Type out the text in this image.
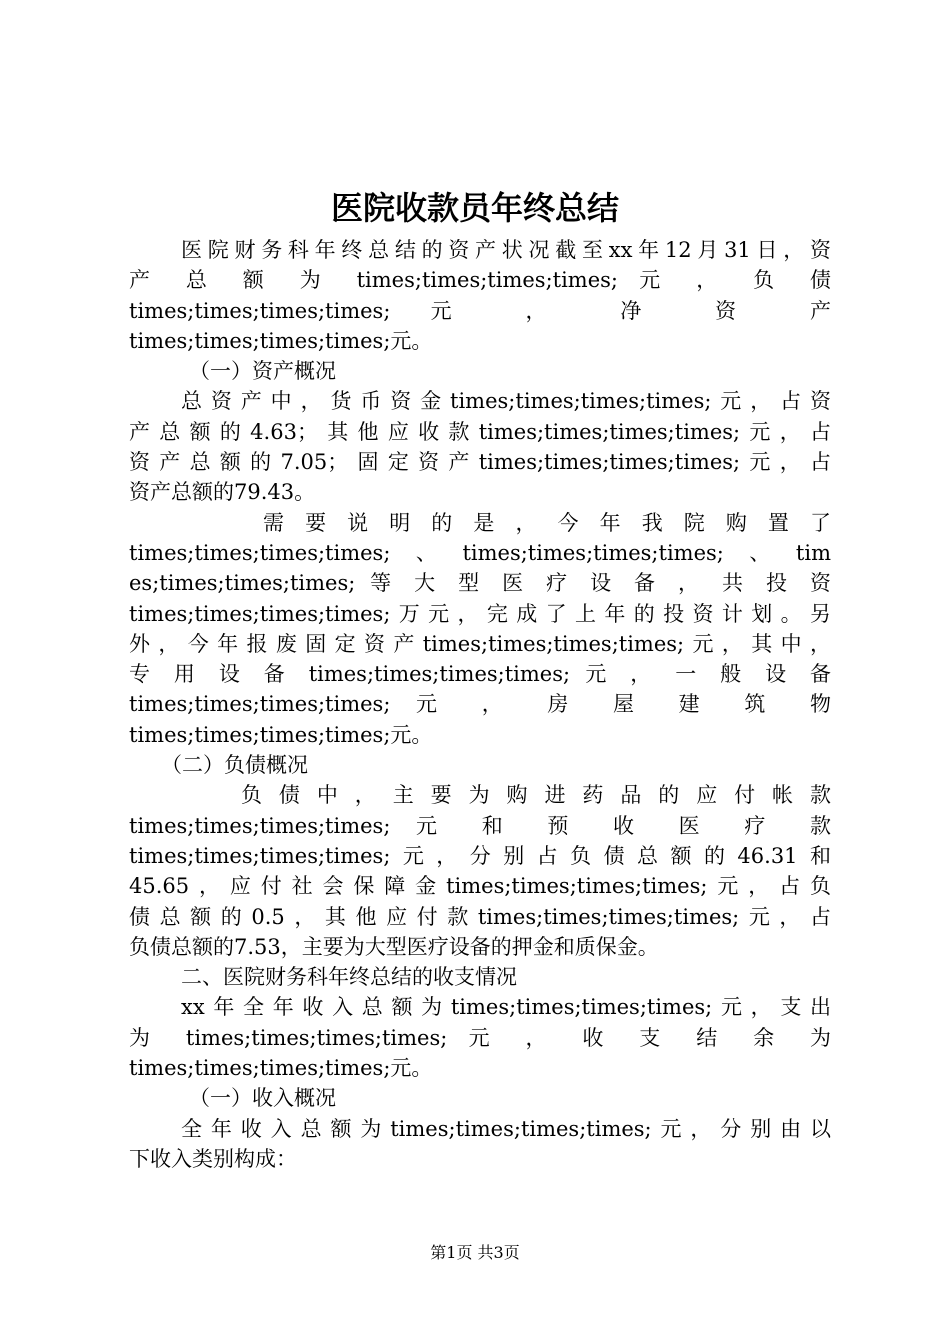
医院收款员年终总结
医院财务科年终总结的资产状况截至xx年12月31日，资
产 总 额 为 times;times;times;times; 元 ， 负 债
times;times;times;times; 元 ， 净 资 产
times;times;times;times;元。
（一）资产概况
总资产中，货币资金times;times;times;times;元，占资
产总额的4.63；其他应收款times;times;times;times;元，占
资产总额的7.05；固定资产times;times;times;times;元，占
资产总额的79.43。
需 要 说 明 的 是 ， 今 年 我 院 购 置 了
times;times;times;times;、times;times;times;times;、tim
es;times;times;times; 等 大 型 医 疗 设 备 ， 共 投 资
times;times;times;times;万元，完成了上年的投资计划。另
外，今年报废固定资产times;times;times;times;元，其中，
专 用 设 备 times;times;times;times; 元 ， 一 般 设 备
times;times;times;times; 元 ， 房 屋 建 筑 物
times;times;times;times;元。
（二）负债概况
负 债 中 ， 主 要 为 购 进 药 品 的 应 付 帐 款
times;times;times;times; 元 和 预 收 医 疗 款
times;times;times;times;元，分别占负债总额的46.31和
45.65，应付社会保障金times;times;times;times;元，占负
债总额的0.5，其他应付款times;times;times;times;元，占
负债总额的7.53，主要为大型医疗设备的押金和质保金。
二、医院财务科年终总结的收支情况
xx年全年收入总额为times;times;times;times;元，支出
为 times;times;times;times; 元 ， 收 支 结 余 为
times;times;times;times;元。
（一）收入概况
全年收入总额为times;times;times;times;元，分别由以
下收入类别构成：
第1页 共3页
